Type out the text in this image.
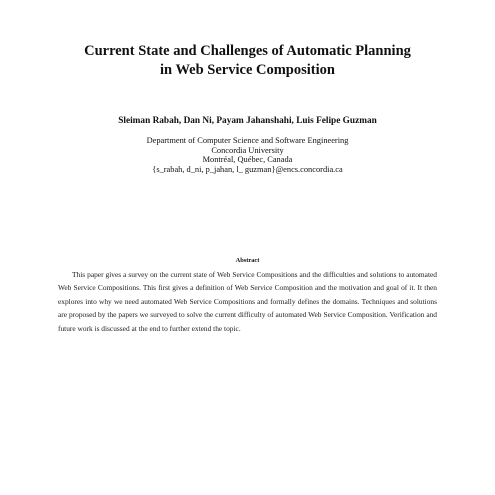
Current State and Challenges of Automatic Planning
in Web Service Composition
Sleiman Rabah, Dan Ni, Payam Jahanshahi, Luis Felipe Guzman
Department of Computer Science and Software Engineering
Concordia University
Montréal, Québec, Canada
{s_rabah, d_ni, p_jahan, l_ guzman}@encs.concordia.ca
Abstract
This paper gives a survey on the current state of Web Service Compositions and the difficulties and solutions to automated Web Service Compositions. This first gives a definition of Web Service Composition and the motivation and goal of it. It then explores into why we need automated Web Service Compositions and formally defines the domains. Techniques and solutions are proposed by the papers we surveyed to solve the current difficulty of automated Web Service Composition. Verification and future work is discussed at the end to further extend the topic.
